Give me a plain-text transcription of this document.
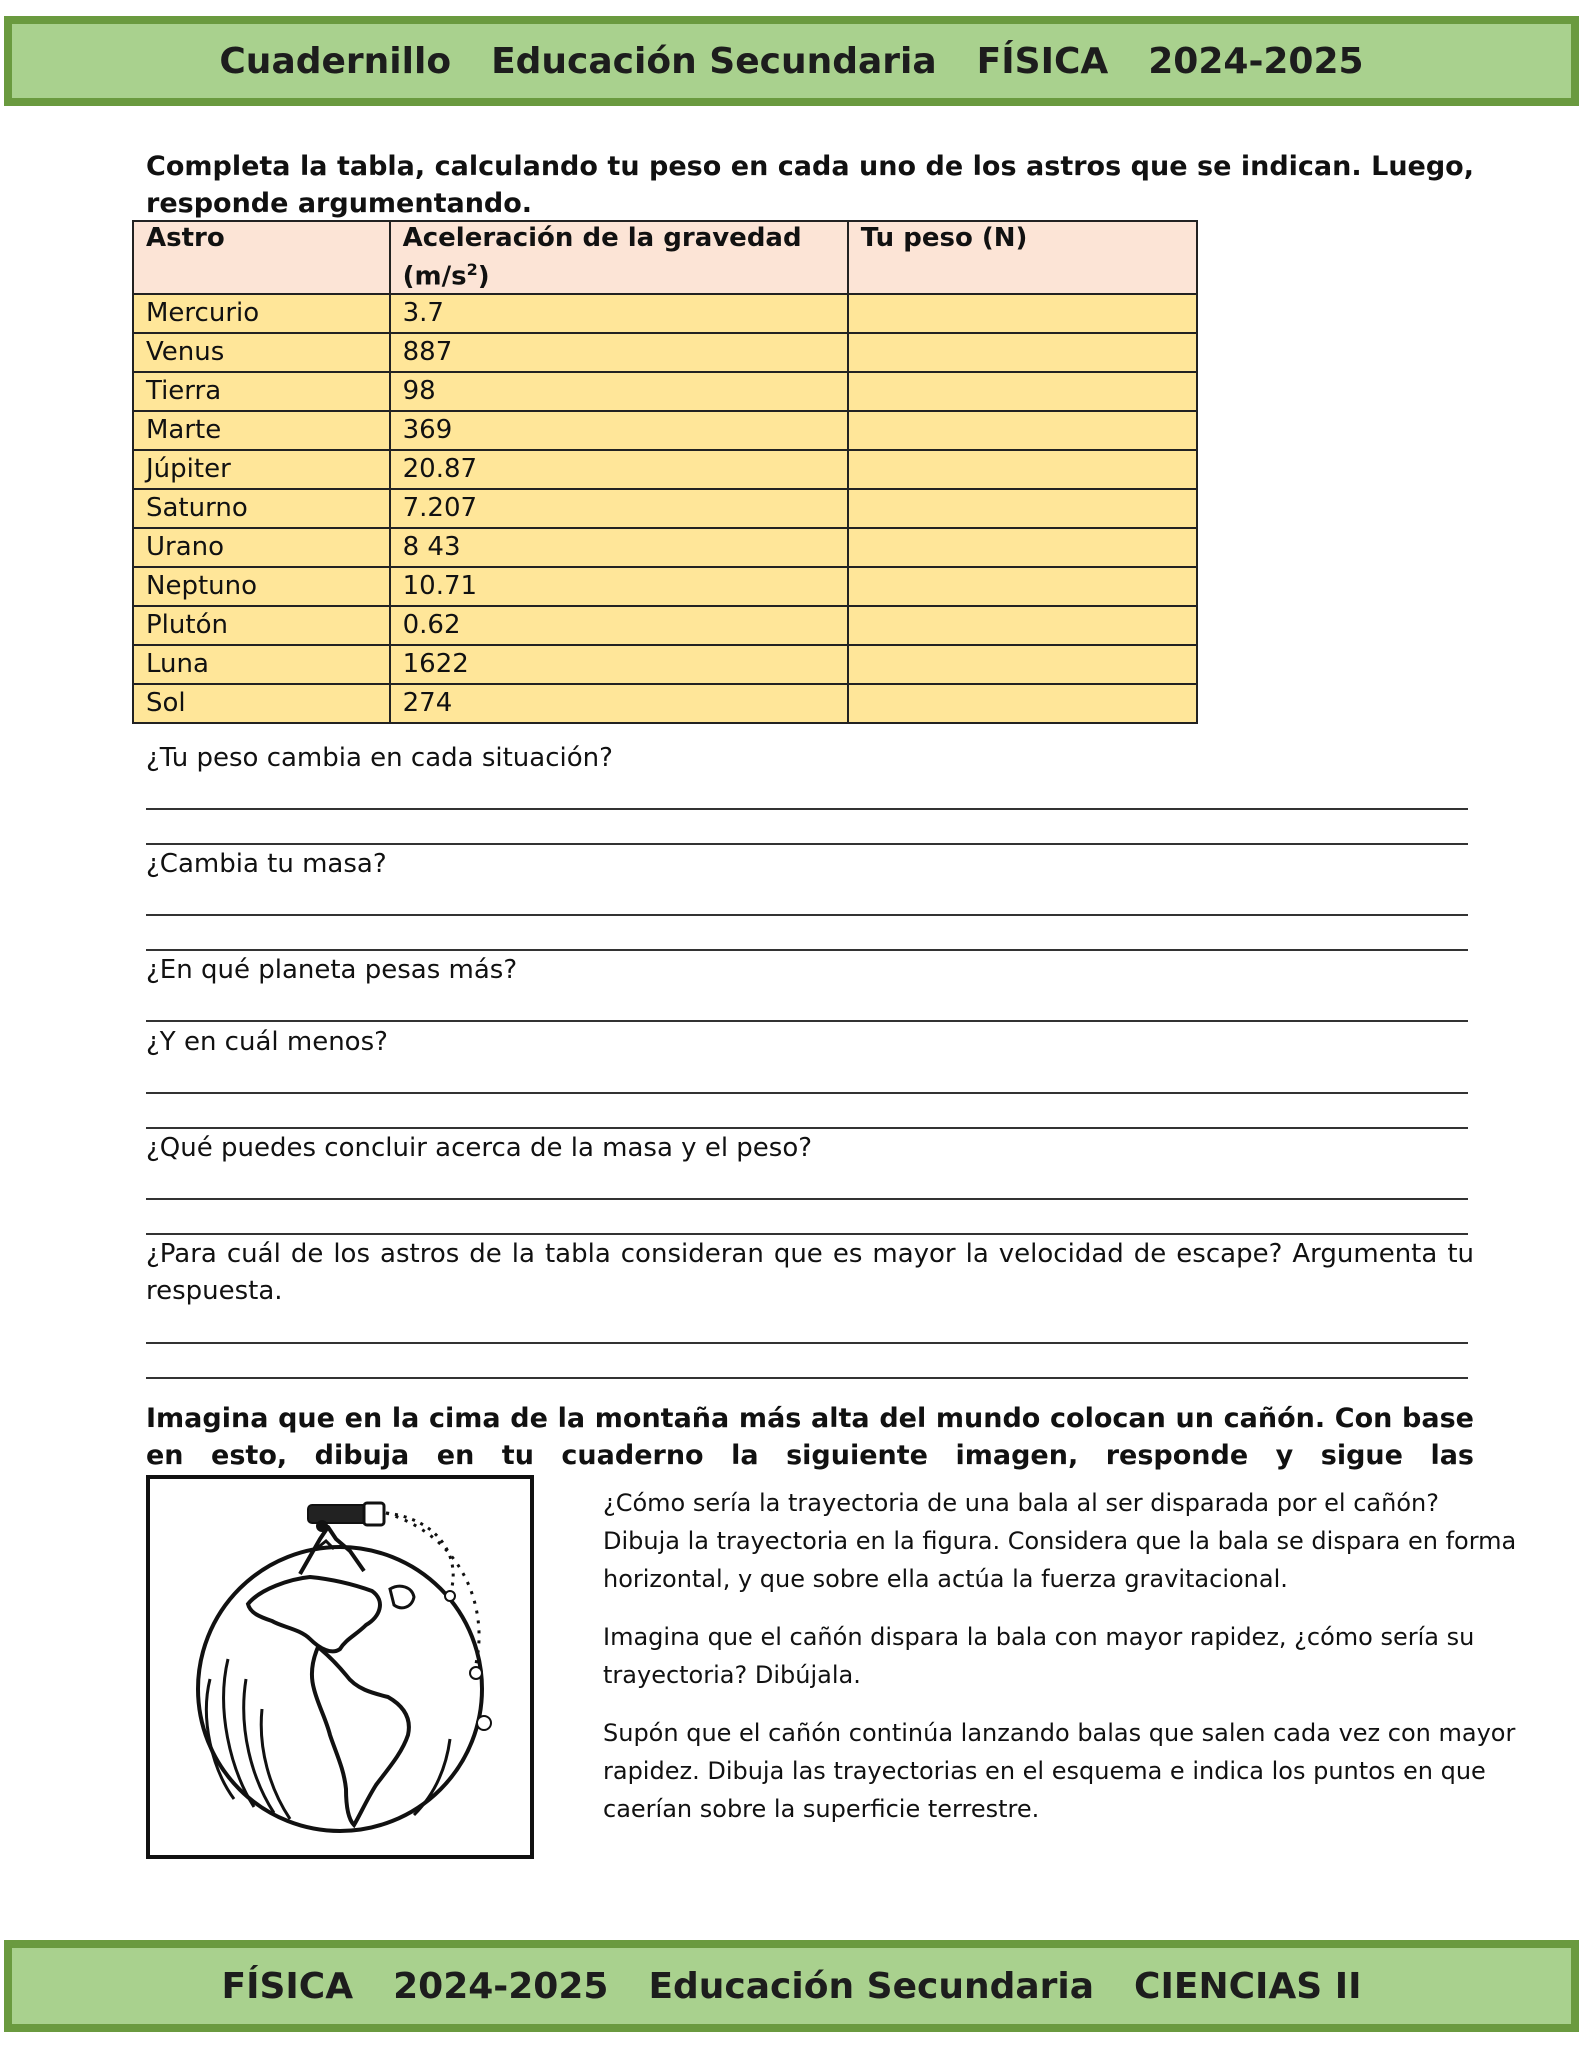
Cuadernillo Educación Secundaria FÍSICA 2024-2025

Completa la tabla, calculando tu peso en cada uno de los astros que se indican. Luego, responde argumentando.

Astro	Aceleración de la gravedad $(m/s^2)$	Tu peso (N)
Mercurio	3.7	
Venus	887	
Tierra	98	
Marte	369	
Júpiter	20.87	
Saturno	7.207	
Urano	8 43	
Neptuno	10.71	
Plutón	0.62	
Luna	1622	
Sol	274	

¿Tu peso cambia en cada situación?

¿Cambia tu masa?

¿En qué planeta pesas más?

¿Y en cuál menos?

¿Qué puedes concluir acerca de la masa y el peso?

¿Para cuál de los astros de la tabla consideran que es mayor la velocidad de escape? Argumenta tu respuesta.

Imagina que en la cima de la montaña más alta del mundo colocan un cañón. Con base en esto, dibuja en tu cuaderno la siguiente imagen, responde y sigue las

¿Cómo sería la trayectoria de una bala al ser disparada por el cañón? Dibuja la trayectoria en la figura. Considera que la bala se dispara en forma horizontal, y que sobre ella actúa la fuerza gravitacional.

Imagina que el cañón dispara la bala con mayor rapidez, ¿cómo sería su trayectoria? Dibújala.

Supón que el cañón continúa lanzando balas que salen cada vez con mayor rapidez. Dibuja las trayectorias en el esquema e indica los puntos en que caerían sobre la superficie terrestre.

FÍSICA 2024-2025 Educación Secundaria CIENCIAS II
